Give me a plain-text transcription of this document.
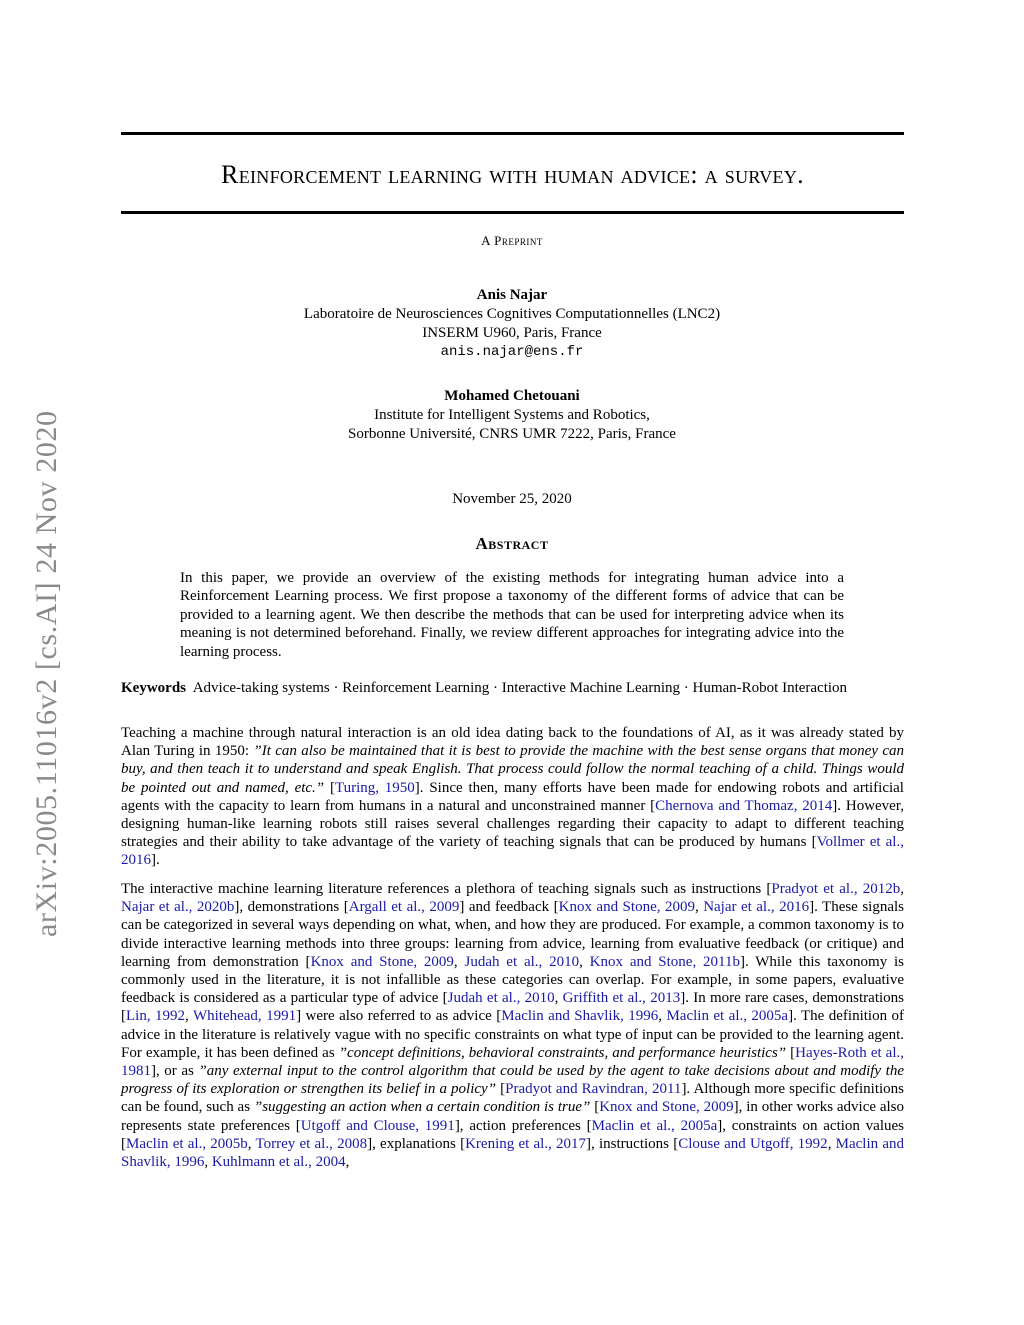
arXiv:2005.11016v2 [cs.AI] 24 Nov 2020
Reinforcement learning with human advice: a survey.
A Preprint
Anis Najar
Laboratoire de Neurosciences Cognitives Computationnelles (LNC2)
INSERM U960, Paris, France
anis.najar@ens.fr
Mohamed Chetouani
Institute for Intelligent Systems and Robotics,
Sorbonne Université, CNRS UMR 7222, Paris, France
November 25, 2020
Abstract
In this paper, we provide an overview of the existing methods for integrating human advice into a Reinforcement Learning process. We first propose a taxonomy of the different forms of advice that can be provided to a learning agent. We then describe the methods that can be used for interpreting advice when its meaning is not determined beforehand. Finally, we review different approaches for integrating advice into the learning process.
Keywords Advice-taking systems · Reinforcement Learning · Interactive Machine Learning · Human-Robot Interaction
Teaching a machine through natural interaction is an old idea dating back to the foundations of AI, as it was already stated by Alan Turing in 1950: ”It can also be maintained that it is best to provide the machine with the best sense organs that money can buy, and then teach it to understand and speak English. That process could follow the normal teaching of a child. Things would be pointed out and named, etc.” [Turing, 1950]. Since then, many efforts have been made for endowing robots and artificial agents with the capacity to learn from humans in a natural and unconstrained manner [Chernova and Thomaz, 2014]. However, designing human-like learning robots still raises several challenges regarding their capacity to adapt to different teaching strategies and their ability to take advantage of the variety of teaching signals that can be produced by humans [Vollmer et al., 2016].
The interactive machine learning literature references a plethora of teaching signals such as instructions [Pradyot et al., 2012b, Najar et al., 2020b], demonstrations [Argall et al., 2009] and feedback [Knox and Stone, 2009, Najar et al., 2016]. These signals can be categorized in several ways depending on what, when, and how they are produced. For example, a common taxonomy is to divide interactive learning methods into three groups: learning from advice, learning from evaluative feedback (or critique) and learning from demonstration [Knox and Stone, 2009, Judah et al., 2010, Knox and Stone, 2011b]. While this taxonomy is commonly used in the literature, it is not infallible as these categories can overlap. For example, in some papers, evaluative feedback is considered as a particular type of advice [Judah et al., 2010, Griffith et al., 2013]. In more rare cases, demonstrations [Lin, 1992, Whitehead, 1991] were also referred to as advice [Maclin and Shavlik, 1996, Maclin et al., 2005a]. The definition of advice in the literature is relatively vague with no specific constraints on what type of input can be provided to the learning agent. For example, it has been defined as ”concept definitions, behavioral constraints, and performance heuristics” [Hayes-Roth et al., 1981], or as ”any external input to the control algorithm that could be used by the agent to take decisions about and modify the progress of its exploration or strengthen its belief in a policy” [Pradyot and Ravindran, 2011]. Although more specific definitions can be found, such as ”suggesting an action when a certain condition is true” [Knox and Stone, 2009], in other works advice also represents state preferences [Utgoff and Clouse, 1991], action preferences [Maclin et al., 2005a], constraints on action values [Maclin et al., 2005b, Torrey et al., 2008], explanations [Krening et al., 2017], instructions [Clouse and Utgoff, 1992, Maclin and Shavlik, 1996, Kuhlmann et al., 2004,
